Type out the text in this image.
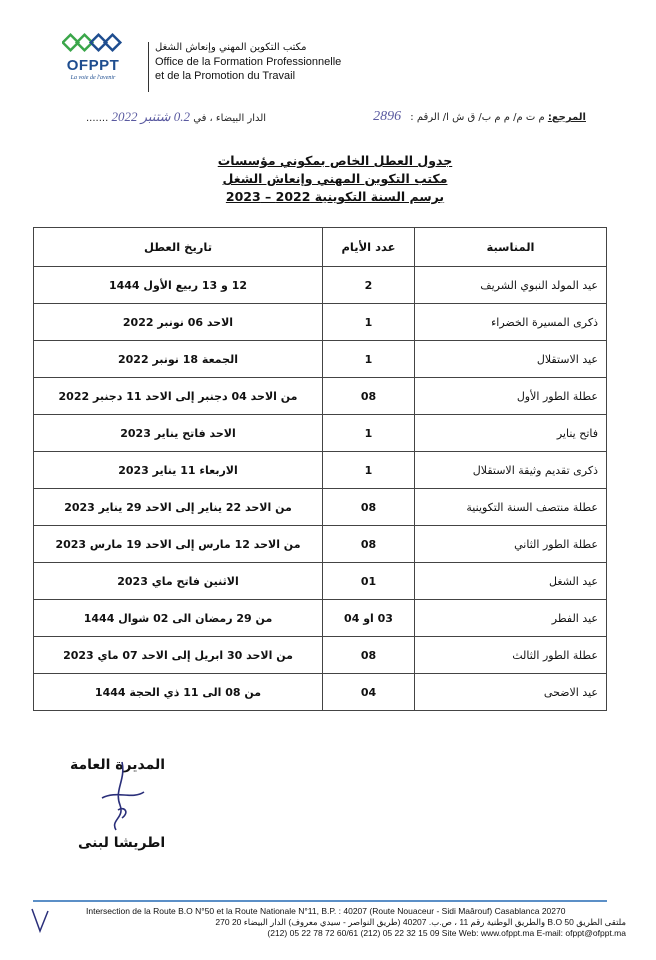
OFPPT
La voie de l'avenir
مكتب التكوين المهني وإنعاش الشغل
Office de la Formation Professionnelle
et de la Promotion du Travail
المرجع: م ت م/ م م ب/ ق ش ا/ الرقم : 2896
الدار البيضاء ، في 0.2 شتنبر 2022 .......
جدول العطل الخاص بمكوني مؤسسات
مكتب التكوين المهني وإنعاش الشغل
برسم السنة التكوينية 2022 – 2023
المناسبة	عدد الأيام	تاريخ العطل
عيد المولد النبوي الشريف	2	12 و 13 ربيع الأول 1444
ذكرى المسيرة الخضراء	1	الاحد 06 نونبر 2022
عيد الاستقلال	1	الجمعة 18 نونبر 2022
عطلة الطور الأول	08	من الاحد 04 دجنبر إلى الاحد 11 دجنبر 2022
فاتح يناير	1	الاحد فاتح يناير 2023
ذكرى تقديم وثيقة الاستقلال	1	الاربعاء 11 يناير 2023
عطلة منتصف السنة التكوينية	08	من الاحد 22 يناير إلى الاحد 29 يناير 2023
عطلة الطور الثاني	08	من الاحد 12 مارس إلى الاحد 19 مارس 2023
عيد الشغل	01	الاثنين فاتح ماي 2023
عيد الفطر	03 او 04	من 29 رمضان الى 02 شوال 1444
عطلة الطور الثالث	08	من الاحد 30 ابريل إلى الاحد 07 ماي 2023
عيد الاضحى	04	من 08 الى 11 ذي الحجة 1444
المديرة العامة
اطريشا لبنى
Intersection de la Route B.O N°50 et la Route Nationale N°11, B.P. : 40207 (Route Nouaceur - Sidi Maârouf) Casablanca 20270
ملتقى الطريق B.O 50 والطريق الوطنية رقم 11 ، ص.ب. 40207 (طريق النواصر - سيدي معروف) الدار البيضاء 20 270
(212) 05 22 78 72 60/61 (212) 05 22 32 15 09 Site Web: www.ofppt.ma E-mail: ofppt@ofppt.ma
